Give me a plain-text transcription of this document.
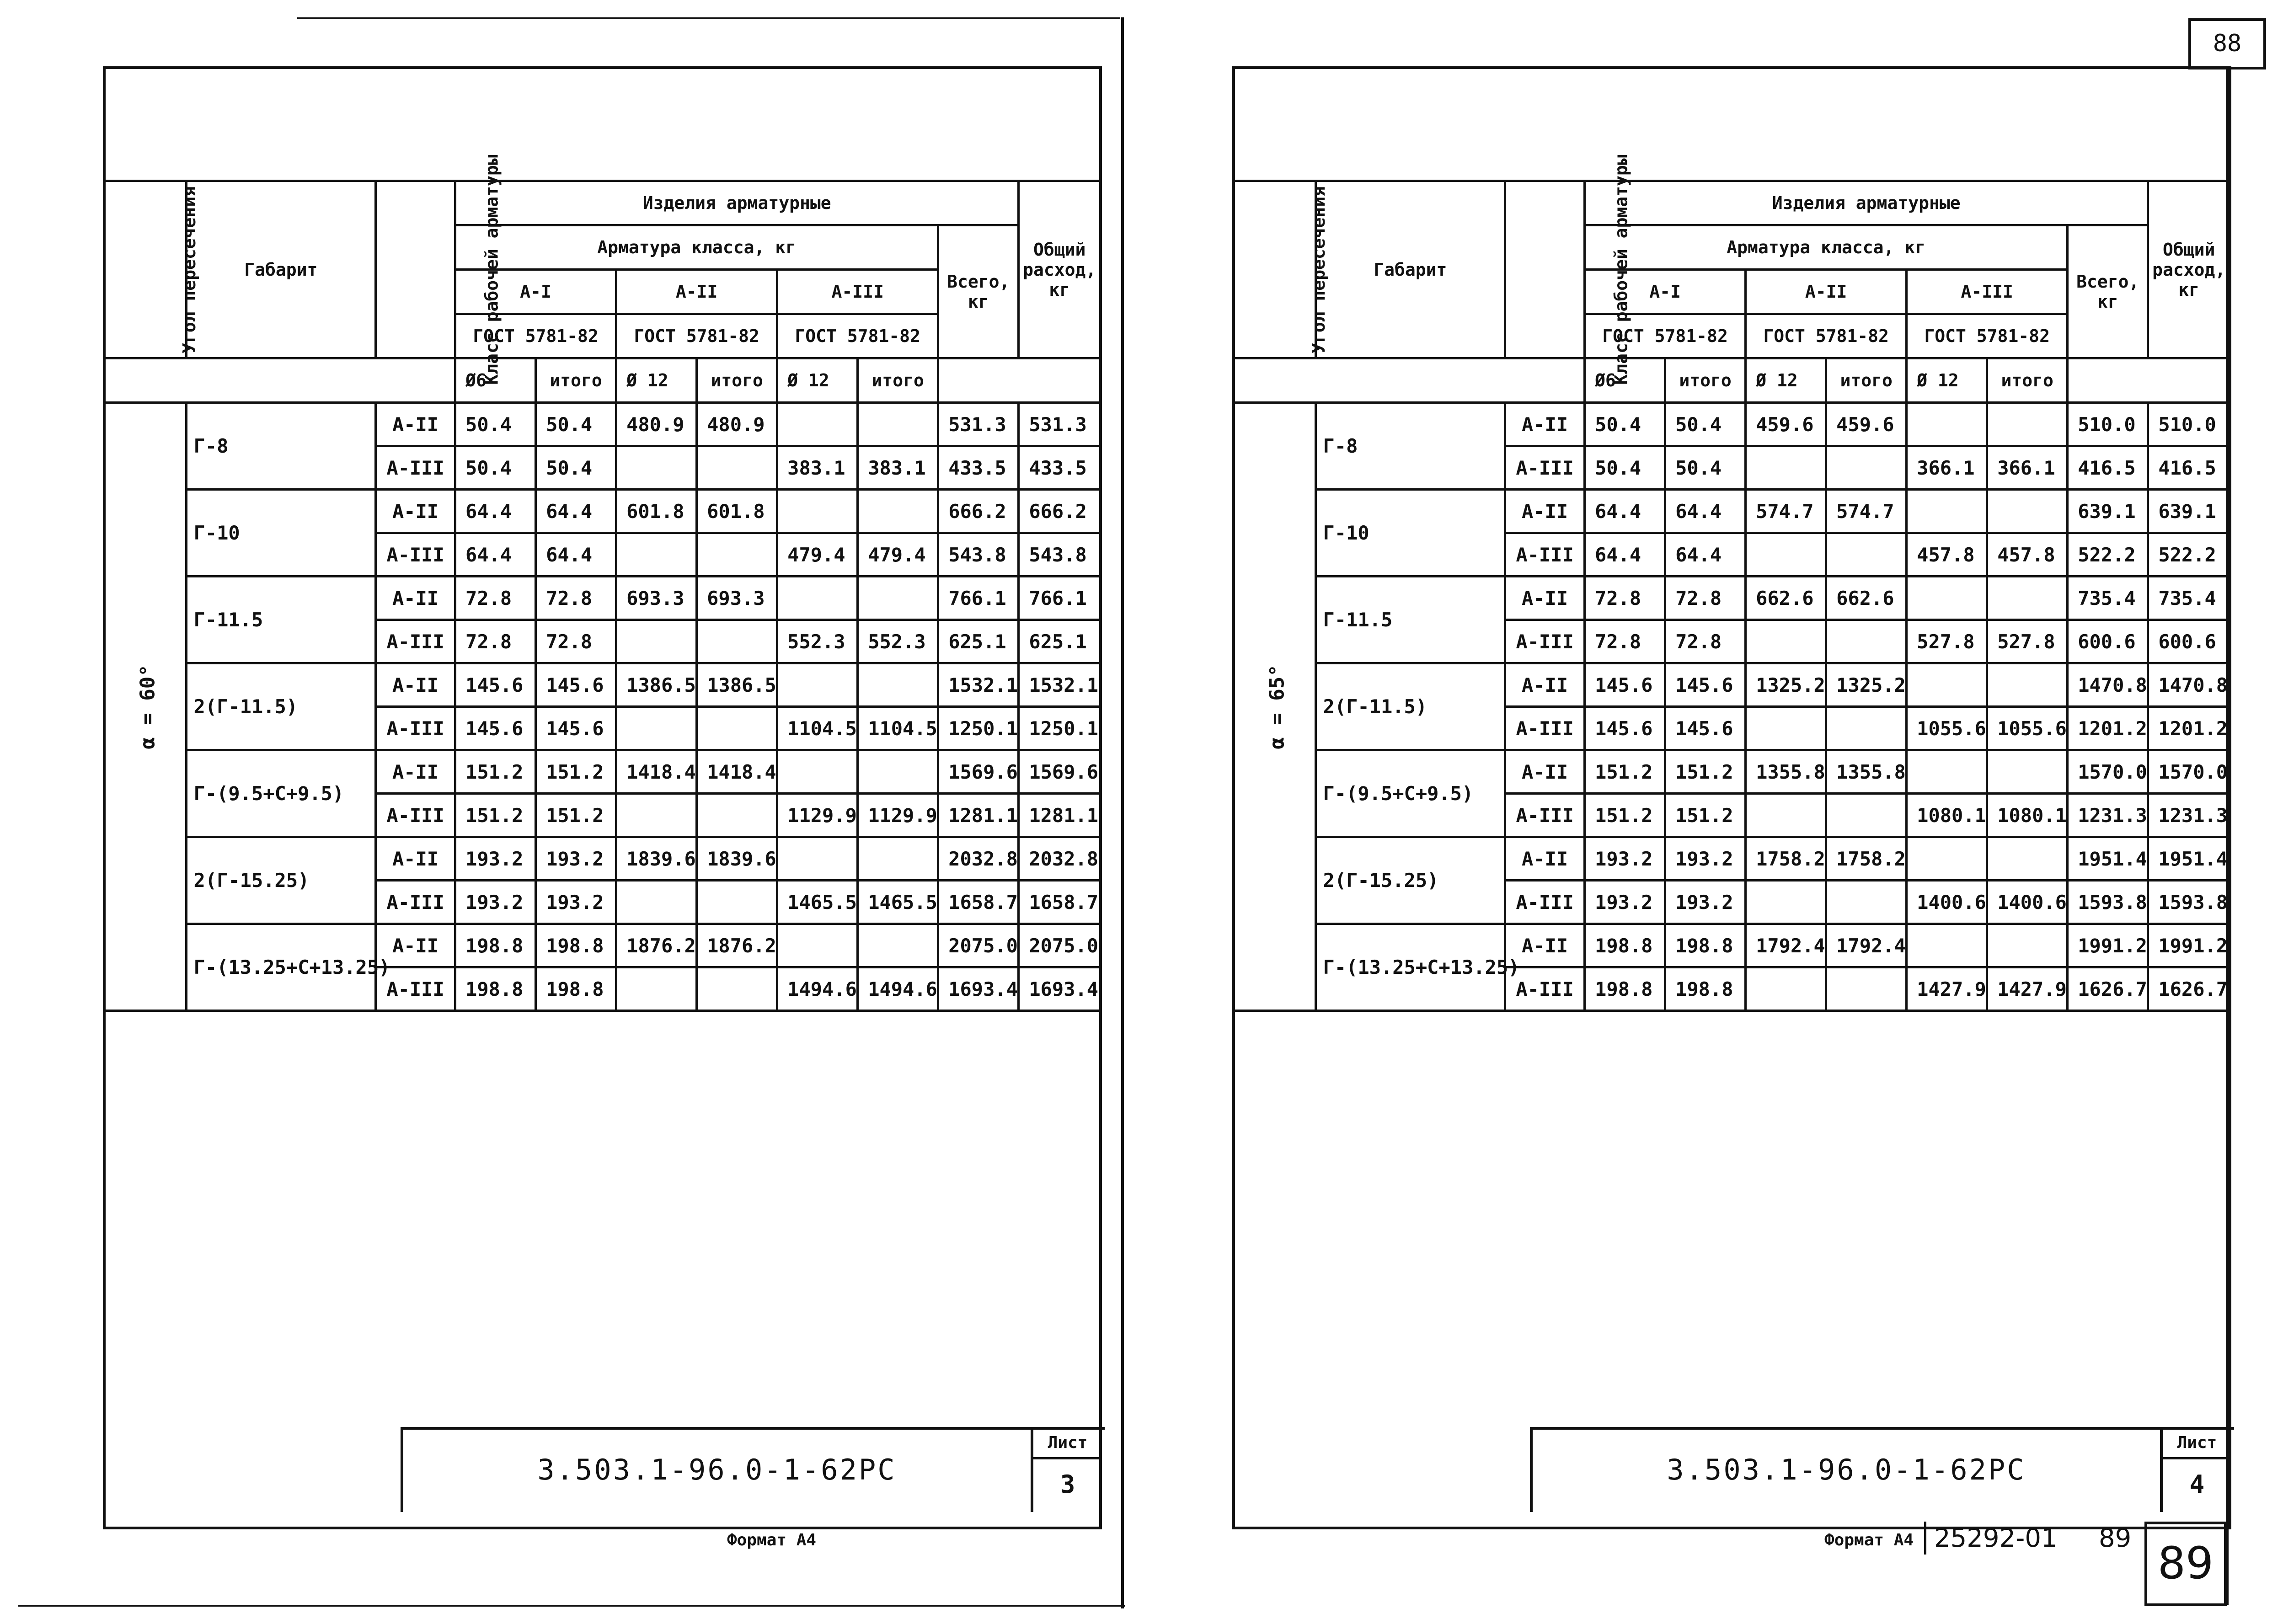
88
89
25292-01 89
Угол пересечения	Габарит	Класс рабочей арматуры	Изделия арматурные							Общий
расход,
кг

			Арматура класса, кг						Всего,
кг	

			А-I		А-II		А-III			
			ГОСТ 5781-82		ГОСТ 5781-82		ГОСТ 5781-82			
			Ø6	итого	Ø 12	итого	Ø 12	итого		
α = 60°	Г-8	А-II	50.4	50.4	480.9	480.9			531.3	531.3
		А-III	50.4	50.4			383.1	383.1	433.5	433.5
	Г-10	А-II	64.4	64.4	601.8	601.8			666.2	666.2
		А-III	64.4	64.4			479.4	479.4	543.8	543.8
	Г-11.5	А-II	72.8	72.8	693.3	693.3			766.1	766.1
		А-III	72.8	72.8			552.3	552.3	625.1	625.1
	2(Г-11.5)	А-II	145.6	145.6	1386.5	1386.5			1532.1	1532.1
		А-III	145.6	145.6			1104.5	1104.5	1250.1	1250.1
	Г-(9.5+С+9.5)	А-II	151.2	151.2	1418.4	1418.4			1569.6	1569.6
		А-III	151.2	151.2			1129.9	1129.9	1281.1	1281.1
	2(Г-15.25)	А-II	193.2	193.2	1839.6	1839.6			2032.8	2032.8
		А-III	193.2	193.2			1465.5	1465.5	1658.7	1658.7
	Г-(13.25+С+13.25)	А-II	198.8	198.8	1876.2	1876.2			2075.0	2075.0
		А-III	198.8	198.8			1494.6	1494.6	1693.4	1693.4
3.503.1-96.0-1-62РС
Лист
3
Формат А4
Угол пересечения	Габарит	Класс рабочей арматуры	Изделия арматурные							Общий
расход,
кг

			Арматура класса, кг						Всего,
кг	

			А-I		А-II		А-III			
			ГОСТ 5781-82		ГОСТ 5781-82		ГОСТ 5781-82			
			Ø6	итого	Ø 12	итого	Ø 12	итого		
α = 65°	Г-8	А-II	50.4	50.4	459.6	459.6			510.0	510.0
		А-III	50.4	50.4			366.1	366.1	416.5	416.5
	Г-10	А-II	64.4	64.4	574.7	574.7			639.1	639.1
		А-III	64.4	64.4			457.8	457.8	522.2	522.2
	Г-11.5	А-II	72.8	72.8	662.6	662.6			735.4	735.4
		А-III	72.8	72.8			527.8	527.8	600.6	600.6
	2(Г-11.5)	А-II	145.6	145.6	1325.2	1325.2			1470.8	1470.8
		А-III	145.6	145.6			1055.6	1055.6	1201.2	1201.2
	Г-(9.5+С+9.5)	А-II	151.2	151.2	1355.8	1355.8			1570.0	1570.0
		А-III	151.2	151.2			1080.1	1080.1	1231.3	1231.3
	2(Г-15.25)	А-II	193.2	193.2	1758.2	1758.2			1951.4	1951.4
		А-III	193.2	193.2			1400.6	1400.6	1593.8	1593.8
	Г-(13.25+С+13.25)	А-II	198.8	198.8	1792.4	1792.4			1991.2	1991.2
		А-III	198.8	198.8			1427.9	1427.9	1626.7	1626.7
3.503.1-96.0-1-62РС
Лист
4
Формат А4
